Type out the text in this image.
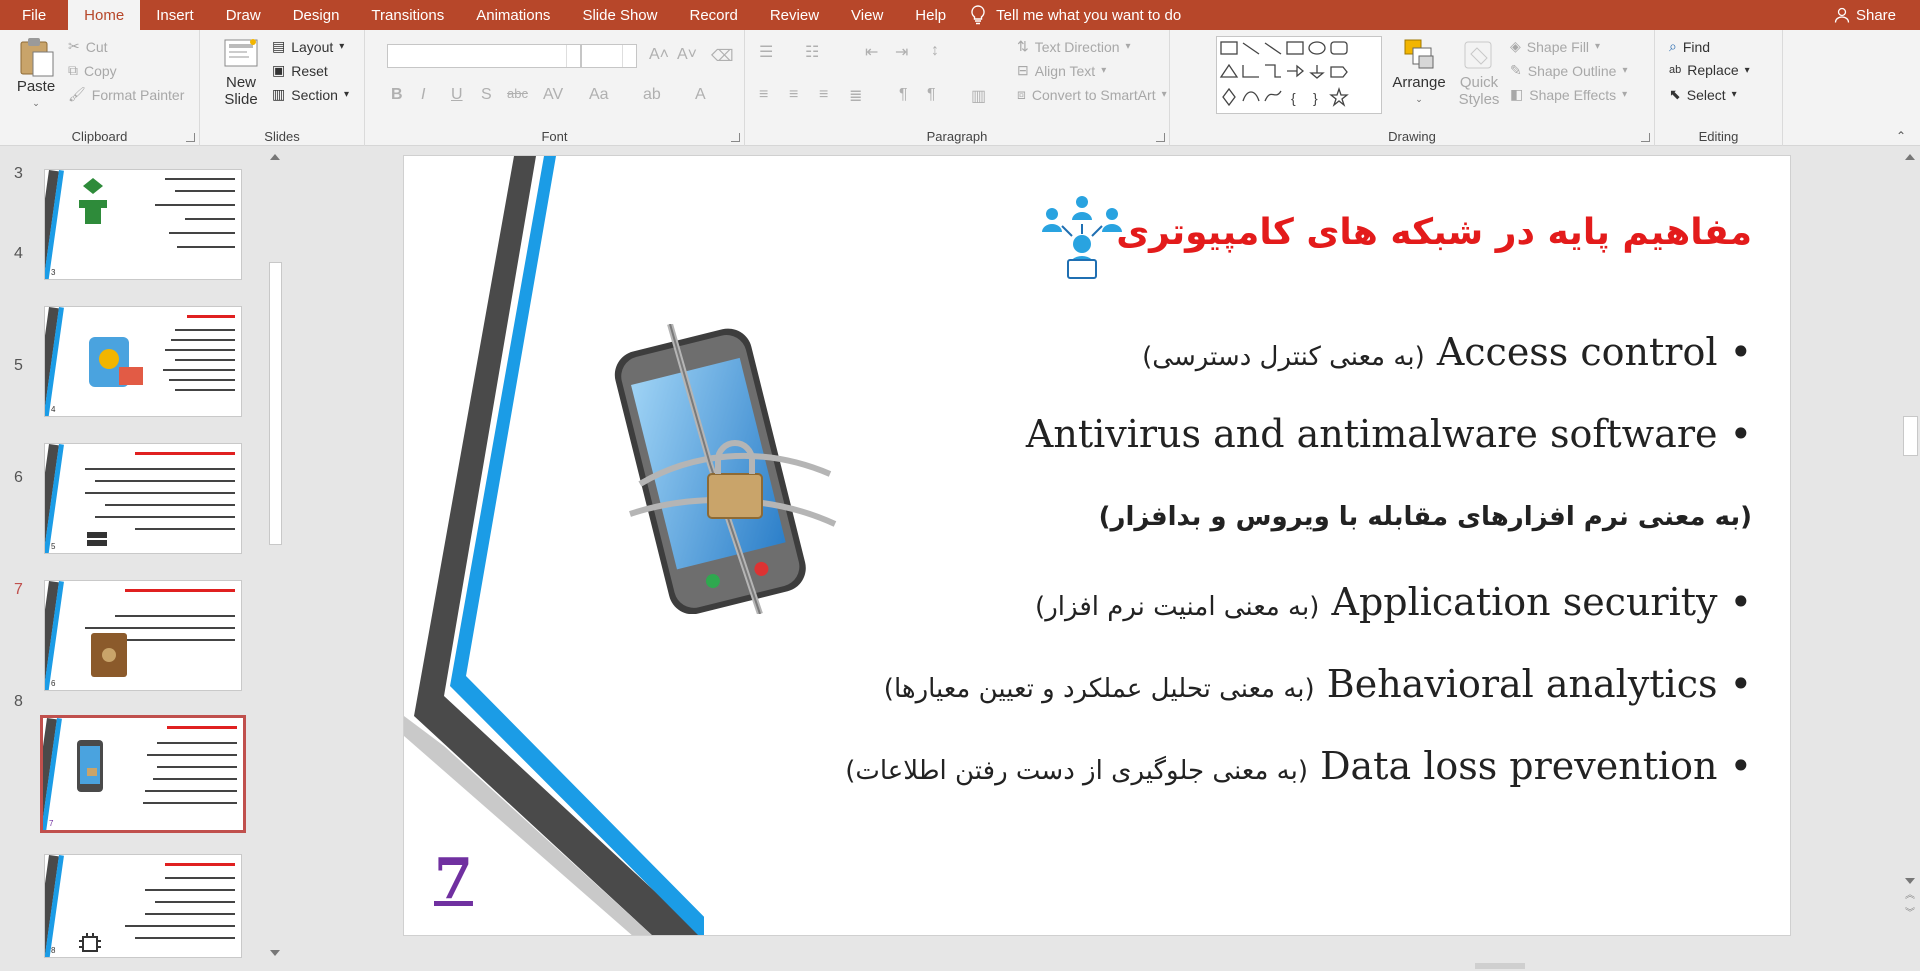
File	Home	Insert	Draw	Design	Transitions	Animations	Slide Show	Record	Review	View	Help	Tell me what you want to do	Share
Paste
⌄
✂ Cut
⧉ Copy
🖌 Format Painter
Clipboard
New
Slide
▤ Layout ▾
▣ Reset
▥ Section ▾
Slides
A˄ A˅ ⌫
B I U S abc AV Aa ab A
Font
☰ ☷	⇤ ⇥ ↕
≡ ≡ ≡ ≣ ¶ ¶ ▥
⇅ Text Direction ▾
⊟ Align Text ▾
⧈ Convert to SmartArt ▾
Paragraph
{ }
Arrange
⌄
Quick
Styles
◈ Shape Fill ▾
✎ Shape Outline ▾
◧ Shape Effects ▾
Drawing
⌕ Find
ab Replace ▾
⬉ Select ▾
Editing	⌃
3
3
4
4
5
5
6
6
7
7
8
8
مفاهیم پایه در شبکه های کامپیوتری
(به معنی کنترل دسترسی) Access control •
Antivirus and antimalware software •
(به معنی نرم افزارهای مقابله با ویروس و بدافزار)
(به معنی امنیت نرم افزار) Application security •
(به معنی تحلیل عملکرد و تعیین معیارها) Behavioral analytics •
(به معنی جلوگیری از دست رفتن اطلاعات) Data loss prevention •
7	︽
︾
